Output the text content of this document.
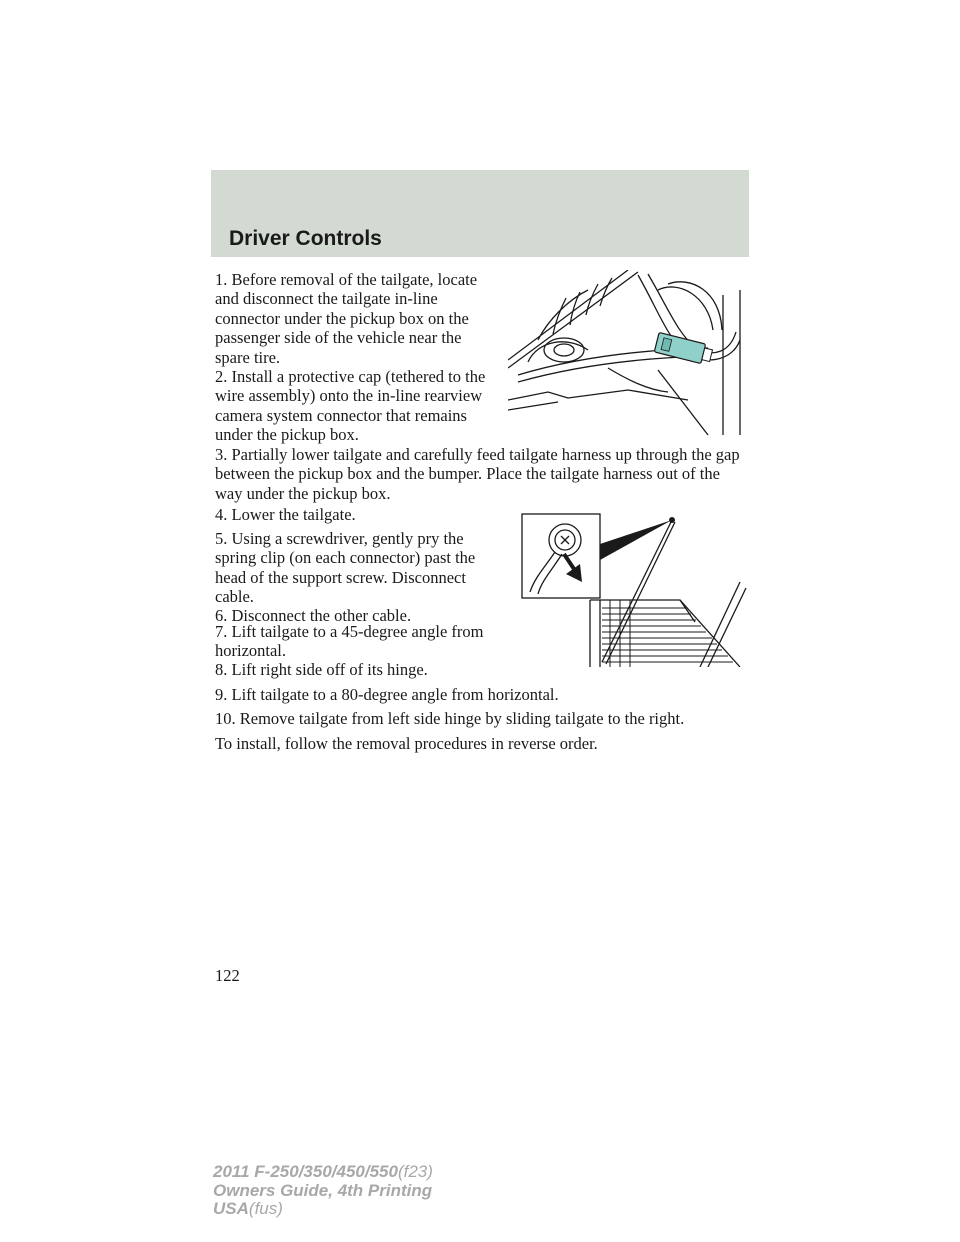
Driver Controls

1. Before removal of the tailgate, locate and disconnect the tailgate in-line connector under the pickup box on the passenger side of the vehicle near the spare tire.

2. Install a protective cap (tethered to the wire assembly) onto the in-line rearview camera system connector that remains under the pickup box.

3. Partially lower tailgate and carefully feed tailgate harness up through the gap between the pickup box and the bumper. Place the tailgate harness out of the way under the pickup box.

4. Lower the tailgate.

5. Using a screwdriver, gently pry the spring clip (on each connector) past the head of the support screw. Disconnect cable.

6. Disconnect the other cable.

7. Lift tailgate to a 45-degree angle from horizontal.

8. Lift right side off of its hinge.

9. Lift tailgate to a 80-degree angle from horizontal.

10. Remove tailgate from left side hinge by sliding tailgate to the right.

To install, follow the removal procedures in reverse order.

122
2011 F-250/350/450/550(f23)
Owners Guide, 4th Printing
USA(fus)
